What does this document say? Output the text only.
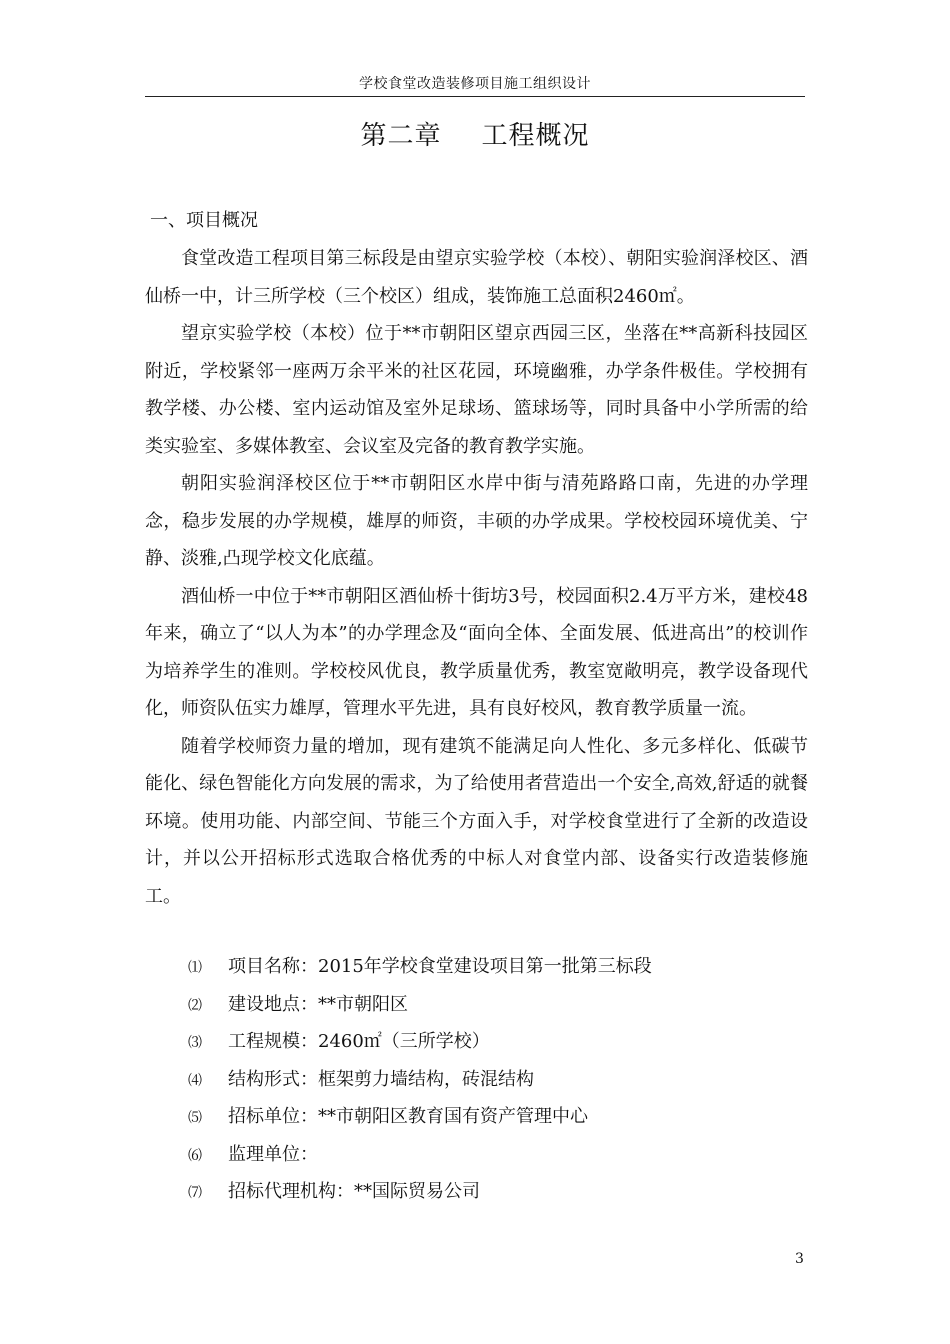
学校食堂改造装修项目施工组织设计
第二章 工程概况
一、项目概况

食堂改造工程项目第三标段是由望京实验学校（本校）、朝阳实验润泽校区、酒仙桥一中，计三所学校（三个校区）组成，装饰施工总面积2460㎡。

望京实验学校（本校）位于**市朝阳区望京西园三区，坐落在**高新科技园区附近，学校紧邻一座两万余平米的社区花园，环境幽雅，办学条件极佳。学校拥有教学楼、办公楼、室内运动馆及室外足球场、篮球场等，同时具备中小学所需的给类实验室、多媒体教室、会议室及完备的教育教学实施。

朝阳实验润泽校区位于**市朝阳区水岸中街与清苑路路口南，先进的办学理念，稳步发展的办学规模，雄厚的师资，丰硕的办学成果。学校校园环境优美、宁静、淡雅,凸现学校文化底蕴。

酒仙桥一中位于**市朝阳区酒仙桥十街坊3号，校园面积2.4万平方米，建校48年来，确立了“以人为本”的办学理念及“面向全体、全面发展、低进高出”的校训作为培养学生的准则。学校校风优良，教学质量优秀，教室宽敞明亮，教学设备现代化，师资队伍实力雄厚，管理水平先进，具有良好校风，教育教学质量一流。

随着学校师资力量的增加，现有建筑不能满足向人性化、多元多样化、低碳节能化、绿色智能化方向发展的需求，为了给使用者营造出一个安全,高效,舒适的就餐环境。使用功能、内部空间、节能三个方面入手，对学校食堂进行了全新的改造设计，并以公开招标形式选取合格优秀的中标人对食堂内部、设备实行改造装修施工。

⑴ 项目名称：2015年学校食堂建设项目第一批第三标段
⑵ 建设地点：**市朝阳区
⑶ 工程规模：2460㎡（三所学校）
⑷ 结构形式：框架剪力墙结构，砖混结构
⑸ 招标单位：**市朝阳区教育国有资产管理中心
⑹ 监理单位：
⑺ 招标代理机构：**国际贸易公司
3
